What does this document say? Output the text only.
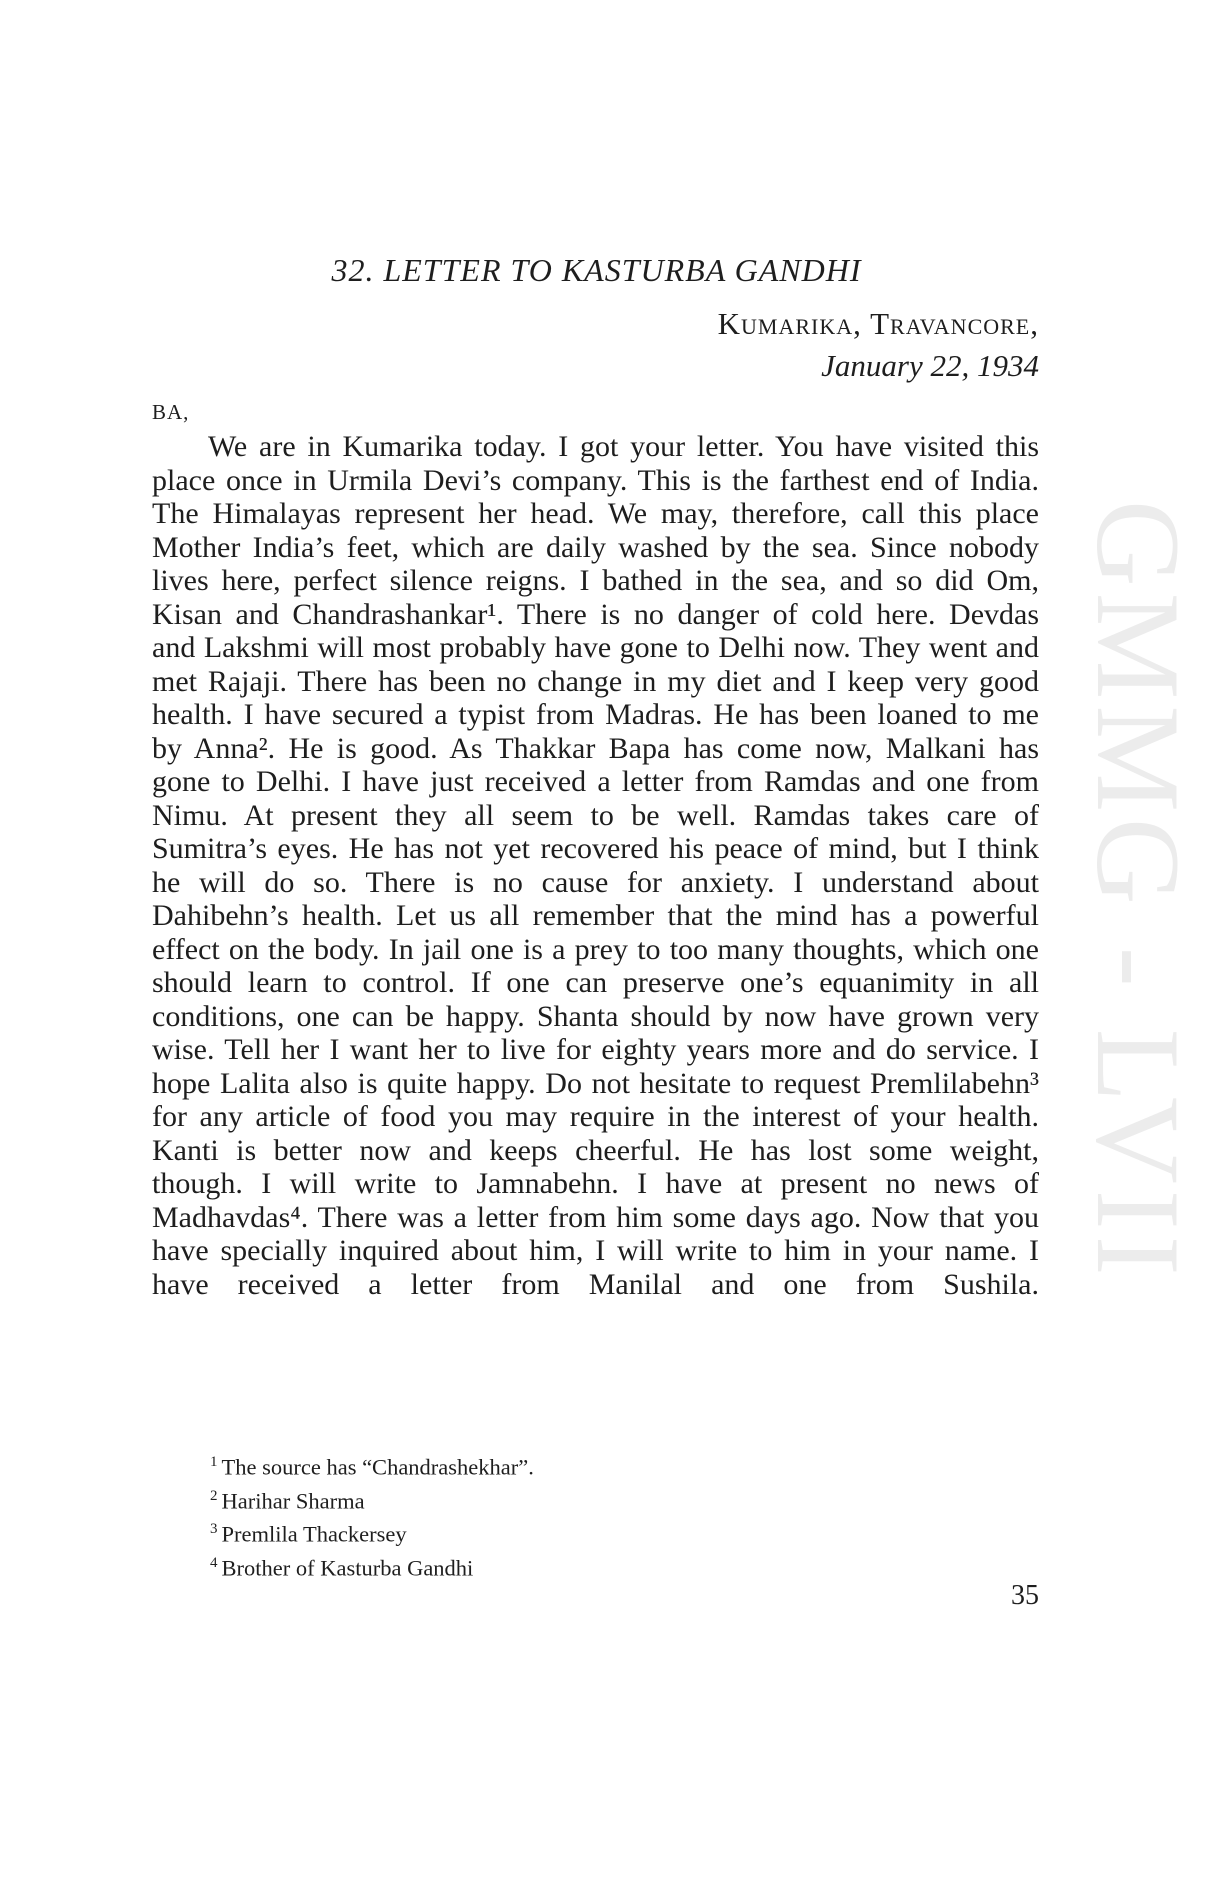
GMMG - LVII
32. LETTER TO KASTURBA GANDHI
Kumarika, Travancore,
January 22, 1934
BA,

We are in Kumarika today. I got your letter. You have visited this place once in Urmila Devi’s company. This is the farthest end of India. The Himalayas represent her head. We may, therefore, call this place Mother India’s feet, which are daily washed by the sea. Since nobody lives here, perfect silence reigns. I bathed in the sea, and so did Om, Kisan and Chandrashankar¹. There is no danger of cold here. Devdas and Lakshmi will most probably have gone to Delhi now. They went and met Rajaji. There has been no change in my diet and I keep very good health. I have secured a typist from Madras. He has been loaned to me by Anna². He is good. As Thakkar Bapa has come now, Malkani has gone to Delhi. I have just received a letter from Ramdas and one from Nimu. At present they all seem to be well. Ramdas takes care of Sumitra’s eyes. He has not yet recovered his peace of mind, but I think he will do so. There is no cause for anxiety. I understand about Dahibehn’s health. Let us all remember that the mind has a powerful effect on the body. In jail one is a prey to too many thoughts, which one should learn to control. If one can preserve one’s equanimity in all conditions, one can be happy. Shanta should by now have grown very wise. Tell her I want her to live for eighty years more and do service. I hope Lalita also is quite happy. Do not hesitate to request Premlilabehn³ for any article of food you may require in the interest of your health. Kanti is better now and keeps cheerful. He has lost some weight, though. I will write to Jamnabehn. I have at present no news of Madhavdas⁴. There was a letter from him some days ago. Now that you have specially inquired about him, I will write to him in your name. I have received a letter from Manilal and one from Sushila.

$^1$ The source has “Chandrashekhar”.
$^2$ Harihar Sharma
$^3$ Premlila Thackersey
$^4$ Brother of Kasturba Gandhi
35
